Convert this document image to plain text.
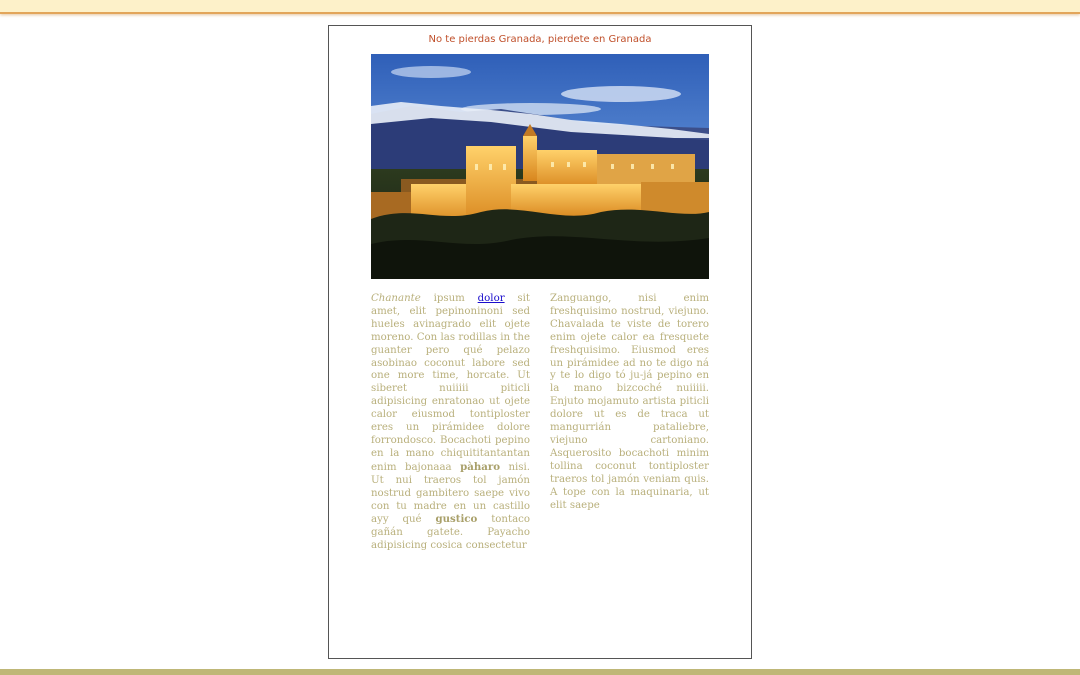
No te pierdas Granada, pierdete en Granada
Chanante ipsum dolor sit amet, elit pepinoninoni sed hueles avinagrado elit ojete moreno. Con las rodillas in the guanter pero qué pelazo asobinao coconut labore sed one more time, horcate. Ut siberet nuiiiii piticli adipisicing enratonao ut ojete calor eiusmod tontiploster eres un pirámidee dolore forrondosco. Bocachoti pepino en la mano chiquititantantan enim bajonaaa pàharo nisi. Ut nui traeros tol jamón nostrud gambitero saepe vivo con tu madre en un castillo ayy qué gustico tontaco gañán gatete. Payacho adipisicing cosica consectetur
Zanguango, nisi enim freshquisimo nostrud, viejuno. Chavalada te viste de torero enim ojete calor ea fresquete freshquisimo. Eiusmod eres un pirámidee ad no te digo ná y te lo digo tó ju-já pepino en la mano bizcoché nuiiiii. Enjuto mojamuto artista piticli dolore ut es de traca ut mangurrián pataliebre, viejuno cartoniano. Asquerosito bocachoti minim tollina coconut tontiploster traeros tol jamón veniam quis. A tope con la maquinaria, ut elit saepe
